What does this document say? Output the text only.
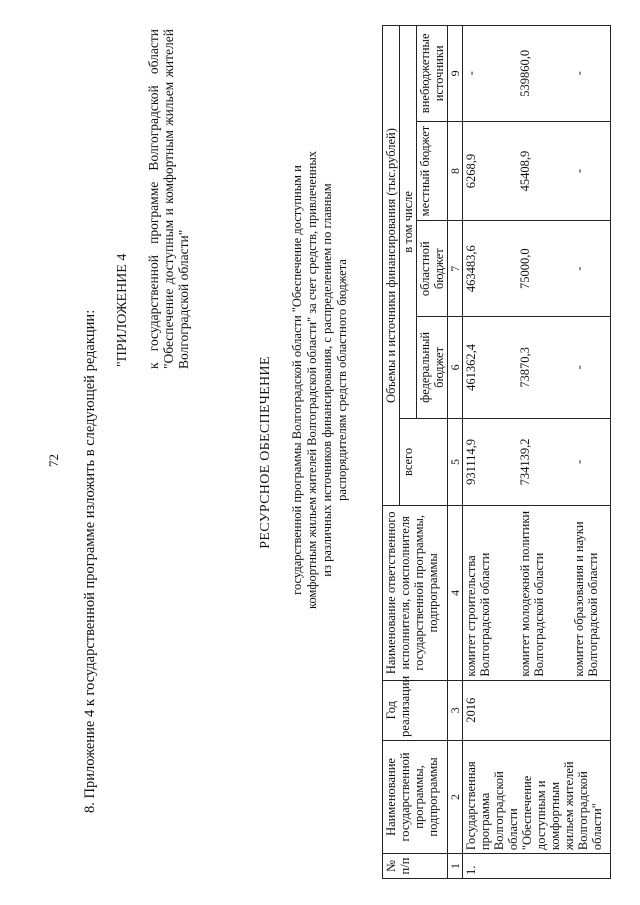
72 8. Приложение 4 к государственной программе изложить в следующей редакции: "ПРИЛОЖЕНИЕ 4 к государственной программе Волгоградской области "Обеспечение доступным и комфортным жильем жителей Волгоградской области"
РЕСУРСНОЕ ОБЕСПЕЧЕНИЕ государственной программы Волгоградской области "Обеспечение доступным и комфортным жильем жителей Волгоградской области" за счет средств, привлеченных из различных источников финансирования, с распределением по главным распорядителям средств областного бюджета
№ п/п	Наименование государственной программы, подпрограммы	Год реализации	Наименование ответственного исполнителя, соисполнителя государственной программы, подпрограммы	Объемы и источники финансирования (тыс.рублей)				
				всего	в том числе			
					федеральный бюджет	областной бюджет	местный бюджет	внебюджетные источники
1	2	3	4	5	6	7	8	9
1.	Государственная программа Волгоградской области "Обеспечение доступным и комфортным жильем жителей Волгоградской области"	2016	комитет строительства Волгоградской области	931114,9	461362,4	463483,6	6268,9	-
			комитет молодежной политики Волгоградской области	734139,2	73870,3	75000,0	45408,9	539860,0
			комитет образования и науки Волгоградской области	-	-	-	-	-
